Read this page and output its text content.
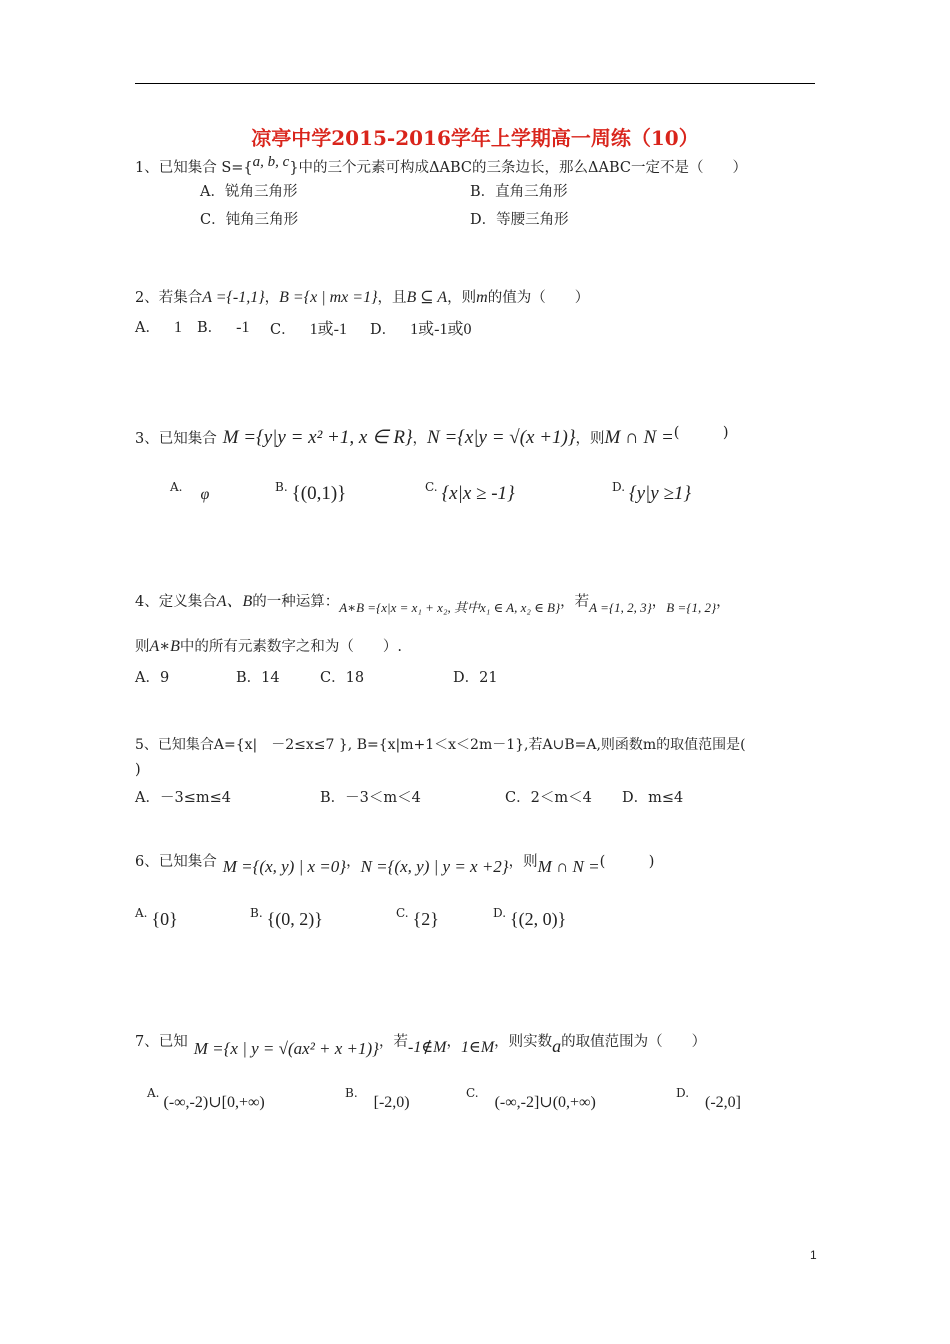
凉亭中学2015-2016学年上学期高一周练（10）
1、已知集合 S={a, b, c}中的三个元素可构成ΔABC的三条边长，那么ΔABC一定不是（　　）
A．锐角三角形	B．直角三角形
C．钝角三角形	D．等腰三角形
2、若集合A ={-1,1}，B ={x | mx =1}，且B ⊆ A，则m的值为（　　）
A． 1 B． -1 C． 1或-1 D． 1或-1或0
3、已知集合 M ={y|y = x² +1, x ∈ R}，N ={x|y = √(x +1)}，则M ∩ N =(　　　)
$^{A.}$ φ	$^{B.}$ {(0,1)}	$^{C.}$ {x|x ≥ -1}	$^{D.}$ {y|y ≥1}
4、定义集合A、B的一种运算：A∗B ={x|x = x₁ + x₂, 其中x₁ ∈ A, x₂ ∈ B}，若A ={1, 2, 3}，B ={1, 2}，
则A∗B中的所有元素数字之和为（　　）.
A．9	B．14	C．18	D．21
5、已知集合A={x|　－2≤x≤7 }, B={x|m+1＜x＜2m－1},若A∪B=A,则函数m的取值范围是(
)
A．－3≤m≤4	B．－3＜m＜4	C．2＜m＜4 D．m≤4
6、已知集合 M ={(x, y) | x =0}，N ={(x, y) | y = x +2}，则M ∩ N =(　　　)
$^{A.}$ {0}	$^{B.}$ {(0, 2)}	$^{C.}$ {2}	$^{D.}$ {(2, 0)}
7、已知 M ={x | y = √(ax² + x +1)}，若-1∉M，1∈M，则实数a的取值范围为（　　）
$^{A.}$(-∞,-2)∪[0,+∞)
$^{B.}$[-2,0)
$^{C.}$(-∞,-2]∪(0,+∞)
$^{D.}$(-2,0]
1
